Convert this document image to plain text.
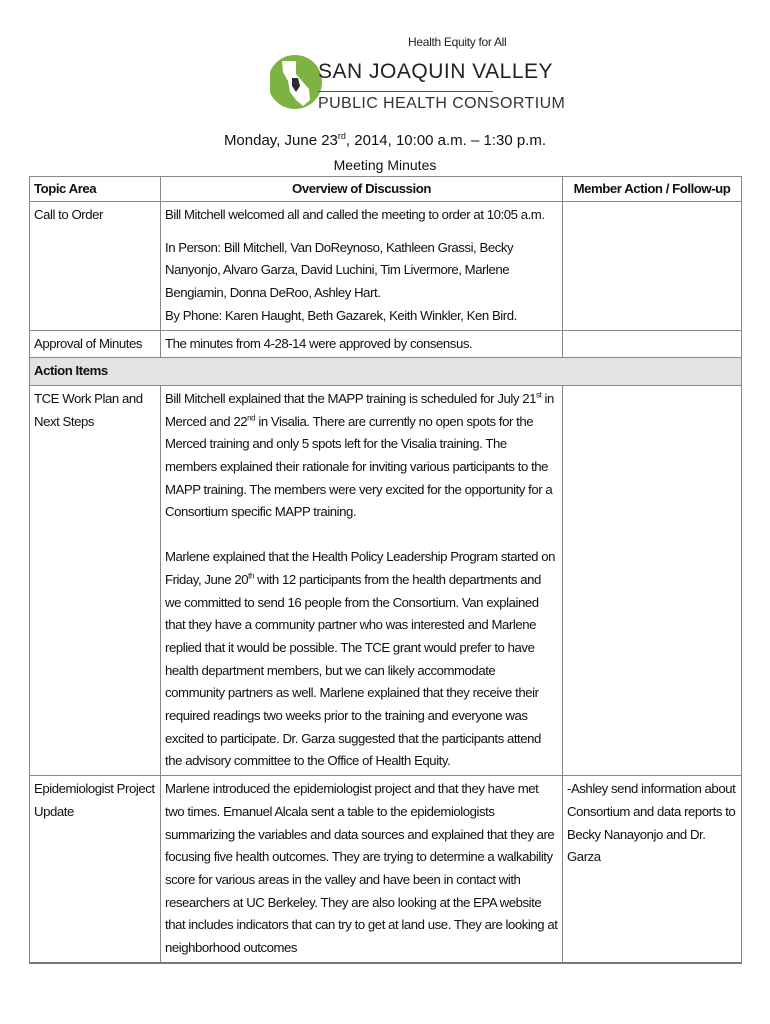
Health Equity for All
SAN JOAQUIN VALLEY
PUBLIC HEALTH CONSORTIUM
Monday, June 23rd, 2014, 10:00 a.m. – 1:30 p.m.
Meeting Minutes
Topic Area	Overview of Discussion	Member Action / Follow-up
Call to Order	Bill Mitchell welcomed all and called the meeting to order at 10:05 a.m.
In Person: Bill Mitchell, Van DoReynoso, Kathleen Grassi, Becky Nanyonjo, Alvaro Garza, David Luchini, Tim Livermore, Marlene Bengiamin, Donna DeRoo, Ashley Hart.
By Phone: Karen Haught, Beth Gazarek, Keith Winkler, Ken Bird.	

Approval of Minutes	The minutes from 4-28-14 were approved by consensus.	
Action Items		
TCE Work Plan and Next Steps	Bill Mitchell explained that the MAPP training is scheduled for July 21st in Merced and 22nd in Visalia. There are currently no open spots for the Merced training and only 5 spots left for the Visalia training. The members explained their rationale for inviting various participants to the MAPP training. The members were very excited for the opportunity for a Consortium specific MAPP training.
Marlene explained that the Health Policy Leadership Program started on Friday, June 20th with 12 participants from the health departments and we committed to send 16 people from the Consortium. Van explained that they have a community partner who was interested and Marlene replied that it would be possible. The TCE grant would prefer to have health department members, but we can likely accommodate community partners as well. Marlene explained that they receive their required readings two weeks prior to the training and everyone was excited to participate. Dr. Garza suggested that the participants attend the advisory committee to the Office of Health Equity.	

Epidemiologist Project Update	Marlene introduced the epidemiologist project and that they have met two times. Emanuel Alcala sent a table to the epidemiologists summarizing the variables and data sources and explained that they are focusing five health outcomes. They are trying to determine a walkability score for various areas in the valley and have been in contact with researchers at UC Berkeley. They are also looking at the EPA website that includes indicators that can try to get at land use. They are looking at neighborhood outcomes	-Ashley send information about Consortium and data reports to Becky Nanayonjo and Dr. Garza
